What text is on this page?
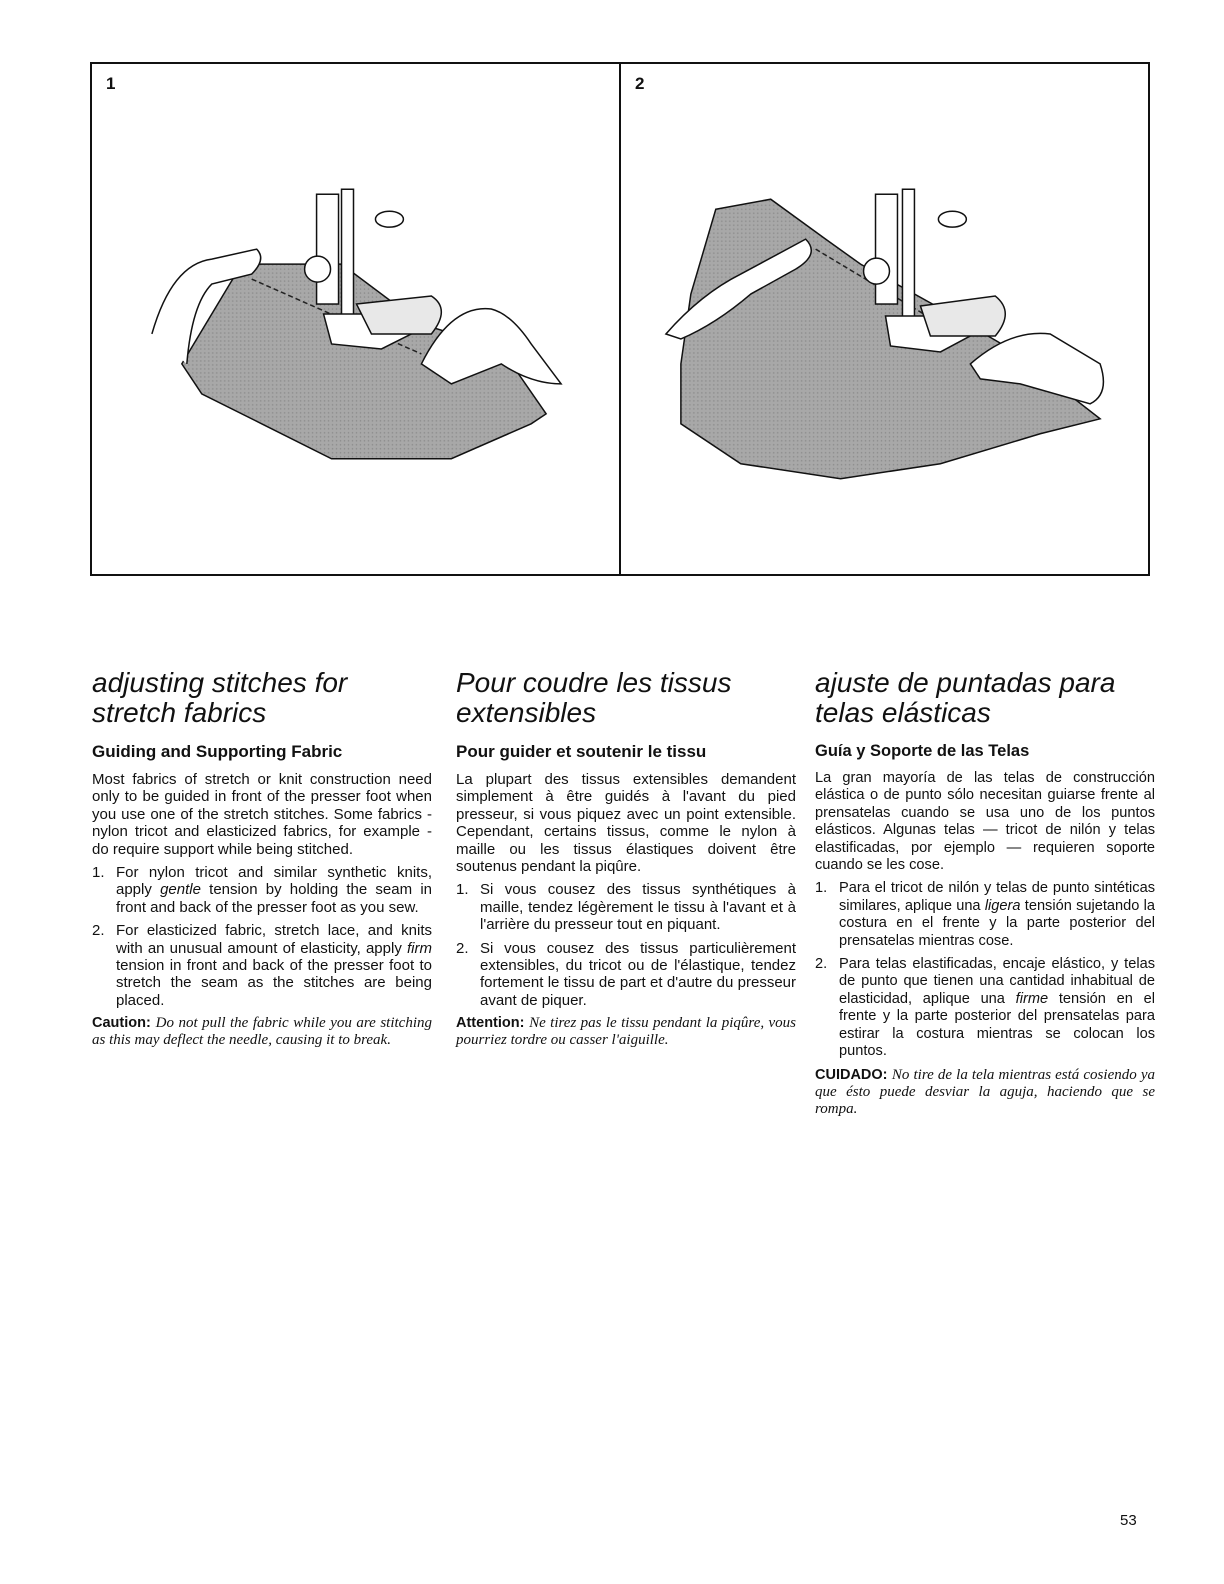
1	2
adjusting stitches for
stretch fabrics
Guiding and Supporting Fabric

Most fabrics of stretch or knit construction need only to be guided in front of the presser foot when you use one of the stretch stitches. Some fabrics - nylon tricot and elasticized fabrics, for example - do require support while being stitched.

1. For nylon tricot and similar synthetic knits, apply gentle tension by holding the seam in front and back of the presser foot as you sew.
2. For elasticized fabric, stretch lace, and knits with an unusual amount of elasticity, apply firm tension in front and back of the presser foot to stretch the seam as the stitches are being placed.
Caution: Do not pull the fabric while you are stitching as this may deflect the needle, causing it to break.
Pour coudre les tissus
extensibles
Pour guider et soutenir le tissu

La plupart des tissus extensibles demandent simplement à être guidés à l'avant du pied presseur, si vous piquez avec un point extensible. Cependant, certains tissus, comme le nylon à maille ou les tissus élastiques doivent être soutenus pendant la piqûre.

1. Si vous cousez des tissus synthétiques à maille, tendez légèrement le tissu à l'avant et à l'arrière du presseur tout en piquant.
2. Si vous cousez des tissus particulièrement extensibles, du tricot ou de l'élastique, tendez fortement le tissu de part et d'autre du presseur avant de piquer.
Attention: Ne tirez pas le tissu pendant la piqûre, vous pourriez tordre ou casser l'aiguille.
ajuste de puntadas para
telas elásticas
Guía y Soporte de las Telas

La gran mayoría de las telas de construcción elástica o de punto sólo necesitan guiarse frente al prensatelas cuando se usa uno de los puntos elásticos. Algunas telas — tricot de nilón y telas elastificadas, por ejemplo — requieren soporte cuando se les cose.

1. Para el tricot de nilón y telas de punto sintéticas similares, aplique una ligera tensión sujetando la costura en el frente y la parte posterior del prensatelas mientras cose.
2. Para telas elastificadas, encaje elástico, y telas de punto que tienen una cantidad inhabitual de elasticidad, aplique una firme tensión en el frente y la parte posterior del prensatelas para estirar la costura mientras se colocan los puntos.
CUIDADO: No tire de la tela mientras está cosiendo ya que ésto puede desviar la aguja, haciendo que se rompa.
53
